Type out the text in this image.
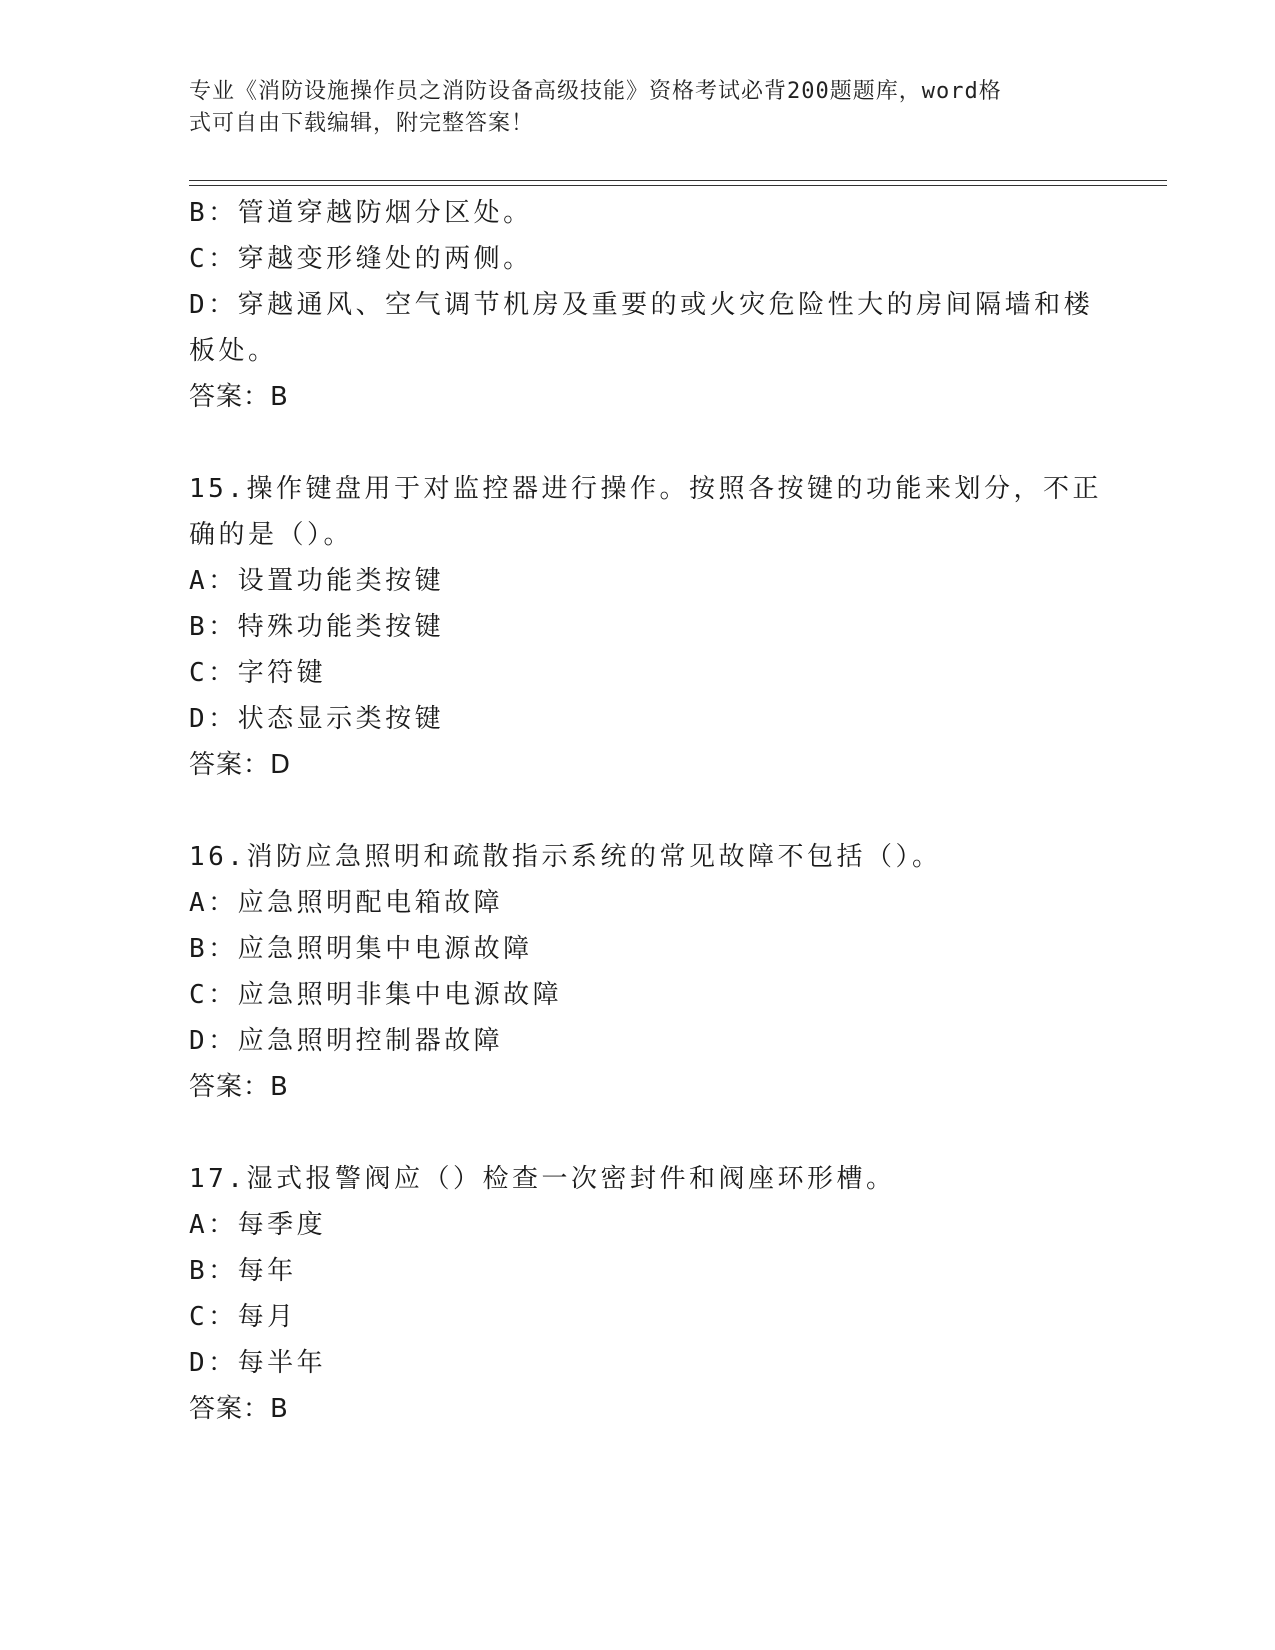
专业《消防设施操作员之消防设备高级技能》资格考试必背200题题库，word格
式可自由下载编辑，附完整答案！
B：管道穿越防烟分区处。
C：穿越变形缝处的两侧。
D：穿越通风、空气调节机房及重要的或火灾危险性大的房间隔墙和楼
板处。
答案：B
15.操作键盘用于对监控器进行操作。按照各按键的功能来划分，不正
确的是（）。
A：设置功能类按键
B：特殊功能类按键
C：字符键
D：状态显示类按键
答案：D
16.消防应急照明和疏散指示系统的常见故障不包括（）。
A：应急照明配电箱故障
B：应急照明集中电源故障
C：应急照明非集中电源故障
D：应急照明控制器故障
答案：B
17.湿式报警阀应（）检查一次密封件和阀座环形槽。
A：每季度
B：每年
C：每月
D：每半年
答案：B
